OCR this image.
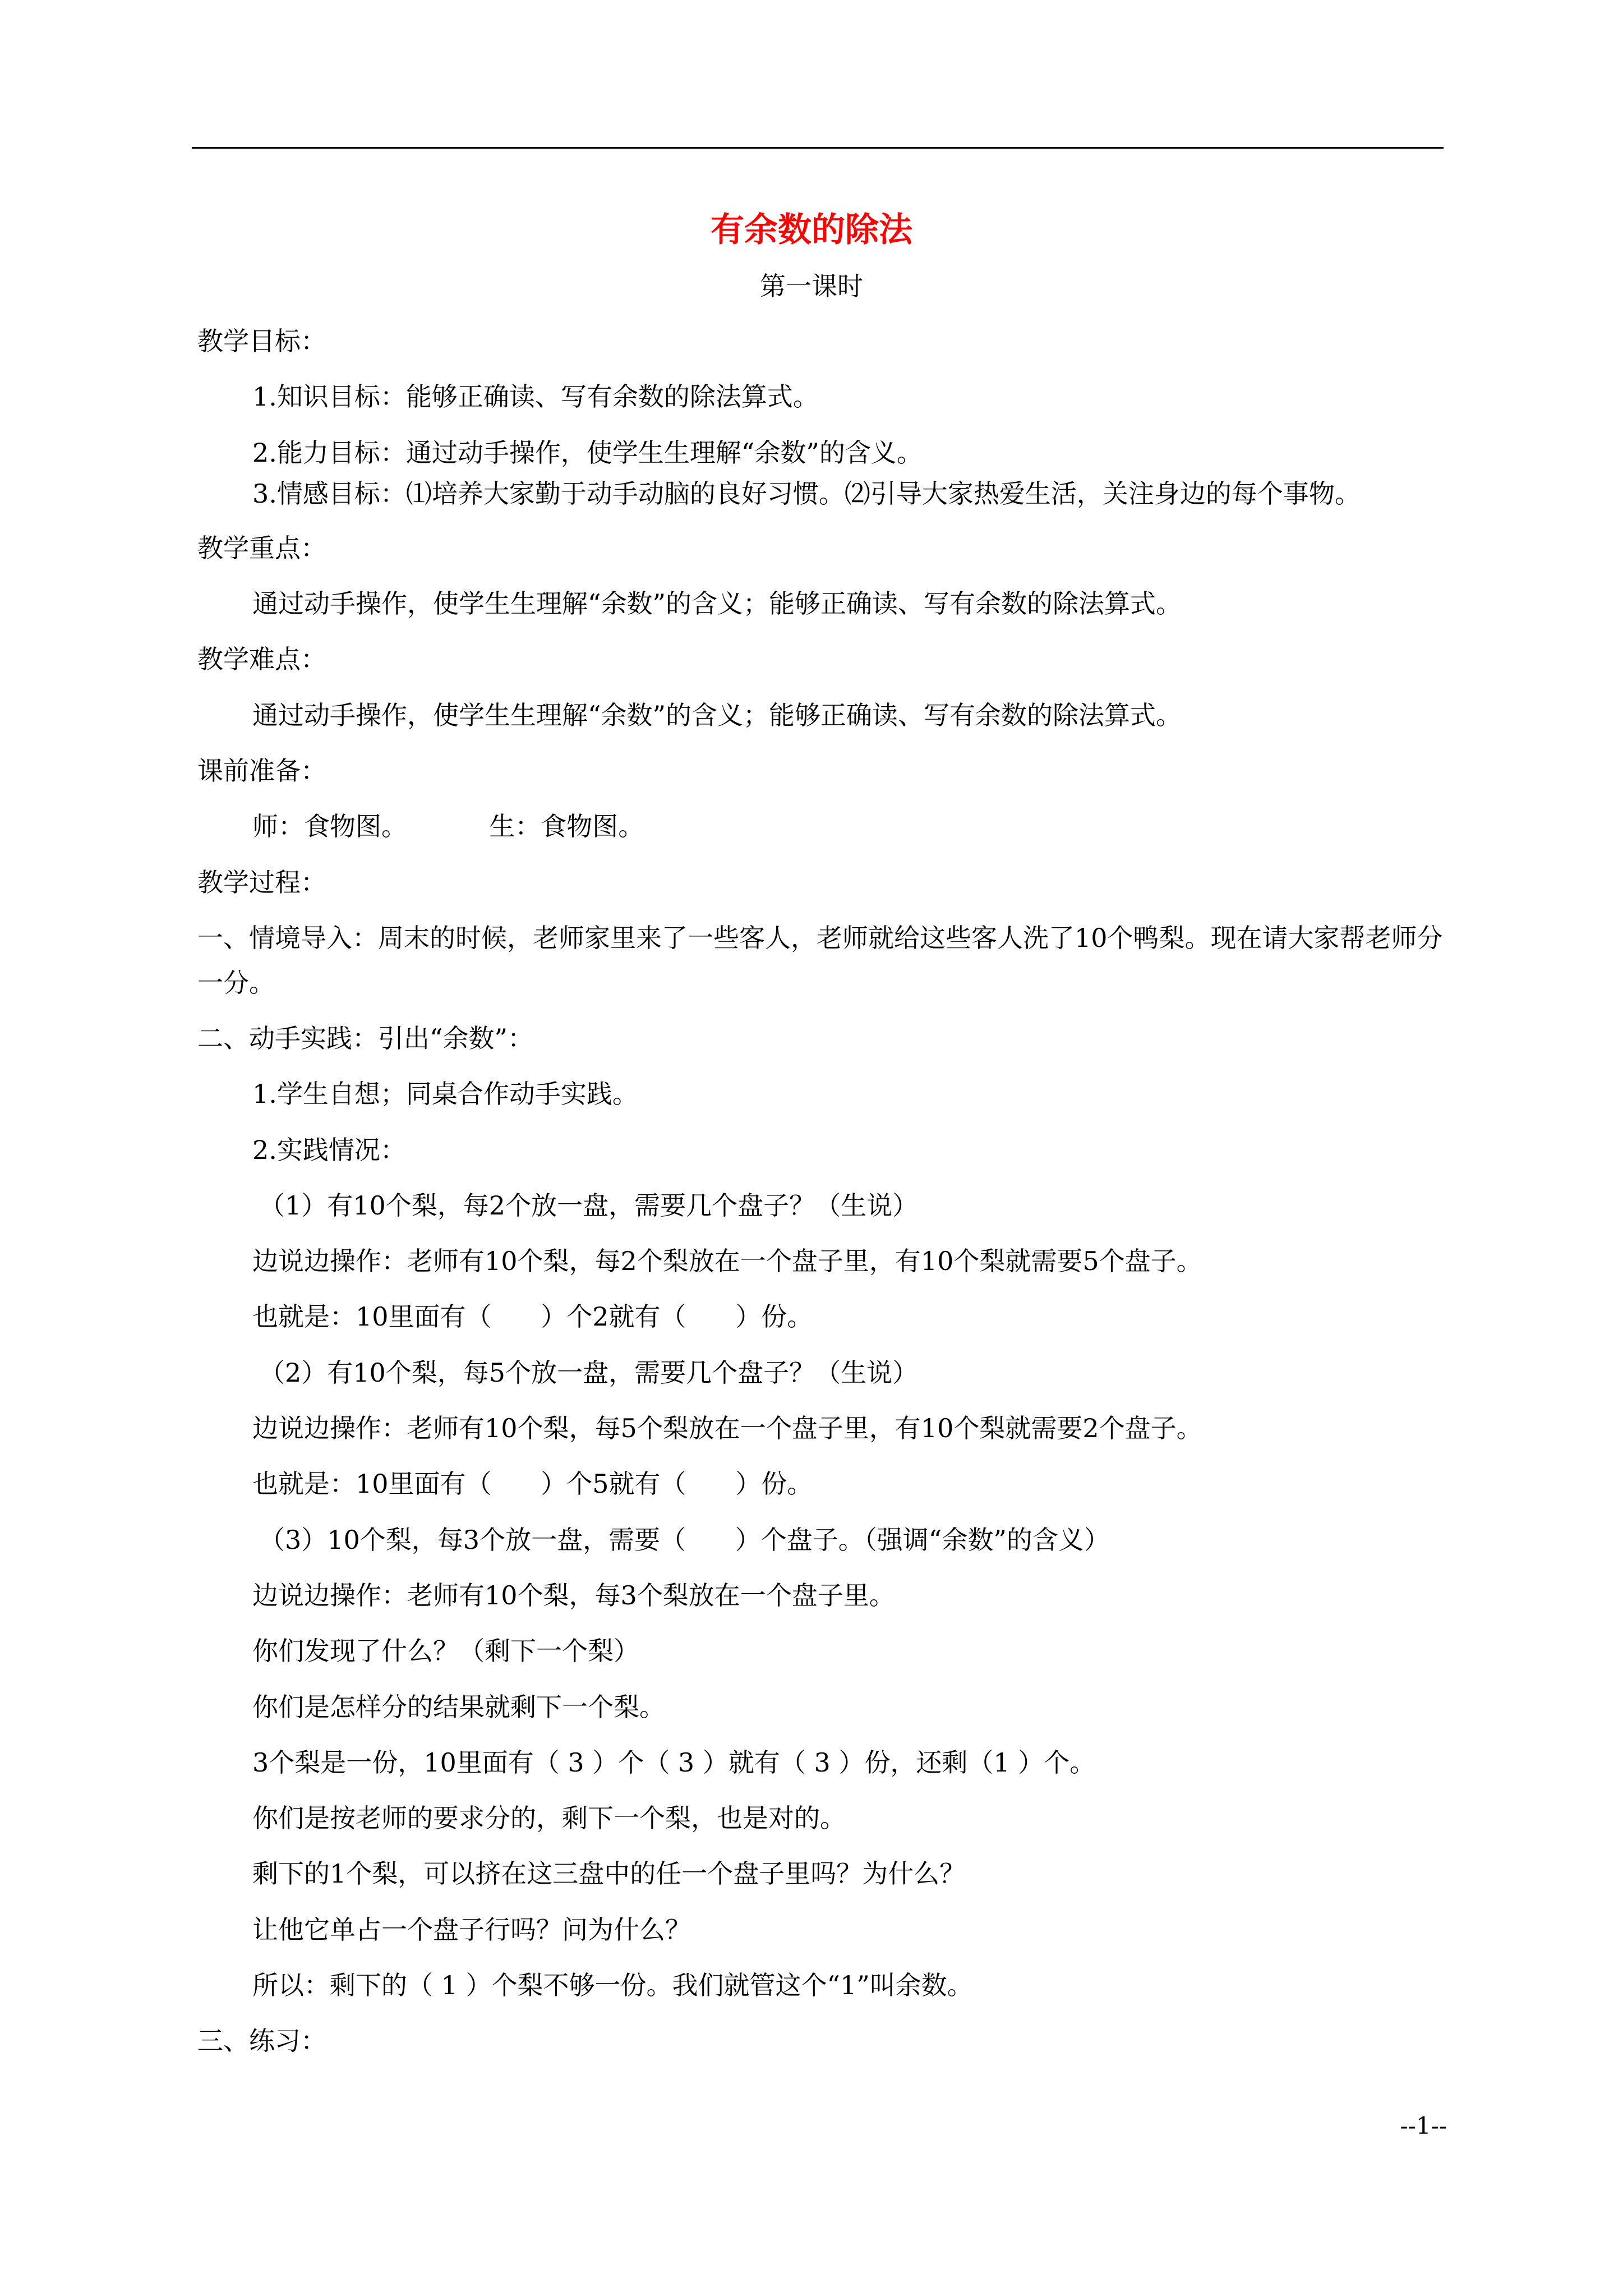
有余数的除法
第一课时

教学目标：

1.知识目标：能够正确读、写有余数的除法算式。

2.能力目标：通过动手操作，使学生生理解“余数”的含义。

3.情感目标：⑴培养大家勤于动手动脑的良好习惯。⑵引导大家热爱生活，关注身边的每个事物。

教学重点：

通过动手操作，使学生生理解“余数”的含义；能够正确读、写有余数的除法算式。

教学难点：

通过动手操作，使学生生理解“余数”的含义；能够正确读、写有余数的除法算式。

课前准备：

师：食物图。          生：食物图。

教学过程：

一、情境导入：周末的时候，老师家里来了一些客人，老师就给这些客人洗了10个鸭梨。现在请大家帮老师分一分。

二、动手实践：引出“余数”：

1.学生自想；同桌合作动手实践。

2.实践情况：

（1）有10个梨，每2个放一盘，需要几个盘子？（生说）

边说边操作：老师有10个梨，每2个梨放在一个盘子里，有10个梨就需要5个盘子。

也就是：10里面有（      ）个2就有（      ）份。

（2）有10个梨，每5个放一盘，需要几个盘子？（生说）

边说边操作：老师有10个梨，每5个梨放在一个盘子里，有10个梨就需要2个盘子。

也就是：10里面有（      ）个5就有（      ）份。

（3）10个梨，每3个放一盘，需要（      ）个盘子。（强调“余数”的含义）

边说边操作：老师有10个梨，每3个梨放在一个盘子里。

你们发现了什么？（剩下一个梨）

你们是怎样分的结果就剩下一个梨。

3个梨是一份，10里面有（ 3 ）个（ 3 ）就有（ 3 ）份，还剩（1 ）个。

你们是按老师的要求分的，剩下一个梨，也是对的。

剩下的1个梨，可以挤在这三盘中的任一个盘子里吗？为什么？

让他它单占一个盘子行吗？问为什么？

所以：剩下的（ 1 ）个梨不够一份。我们就管这个“1”叫余数。

三、练习：

--1--
